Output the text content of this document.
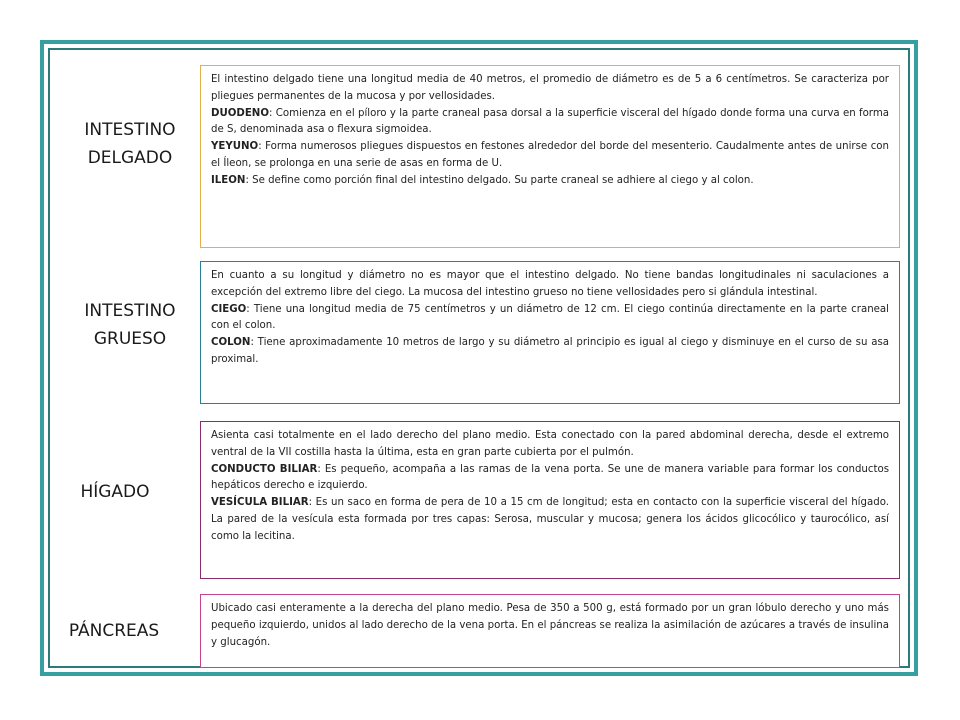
INTESTINO
DELGADO

El intestino delgado tiene una longitud media de 40 metros, el promedio de diámetro es de 5 a 6 centímetros. Se caracteriza por pliegues permanentes de la mucosa y por vellosidades.

DUODENO: Comienza en el píloro y la parte craneal pasa dorsal a la superficie visceral del hígado donde forma una curva en forma de S, denominada asa o flexura sigmoidea.

YEYUNO: Forma numerosos pliegues dispuestos en festones alrededor del borde del mesenterio. Caudalmente antes de unirse con el Íleon, se prolonga en una serie de asas en forma de U.

ILEON: Se define como porción final del intestino delgado. Su parte craneal se adhiere al ciego y al colon.

INTESTINO
GRUESO

En cuanto a su longitud y diámetro no es mayor que el intestino delgado. No tiene bandas longitudinales ni saculaciones a excepción del extremo libre del ciego. La mucosa del intestino grueso no tiene vellosidades pero si glándula intestinal.

CIEGO: Tiene una longitud media de 75 centímetros y un diámetro de 12 cm. El ciego continúa directamente en la parte craneal con el colon.

COLON: Tiene aproximadamente 10 metros de largo y su diámetro al principio es igual al ciego y disminuye en el curso de su asa proximal.

HÍGADO

Asienta casi totalmente en el lado derecho del plano medio. Esta conectado con la pared abdominal derecha, desde el extremo ventral de la VII costilla hasta la última, esta en gran parte cubierta por el pulmón.

CONDUCTO BILIAR: Es pequeño, acompaña a las ramas de la vena porta. Se une de manera variable para formar los conductos hepáticos derecho e izquierdo.

VESÍCULA BILIAR: Es un saco en forma de pera de 10 a 15 cm de longitud; esta en contacto con la superficie visceral del hígado. La pared de la vesícula esta formada por tres capas: Serosa, muscular y mucosa; genera los ácidos glicocólico y taurocólico, así como la lecitina.

PÁNCREAS

Ubicado casi enteramente a la derecha del plano medio. Pesa de 350 a 500 g, está formado por un gran lóbulo derecho y uno más pequeño izquierdo, unidos al lado derecho de la vena porta. En el páncreas se realiza la asimilación de azúcares a través de insulina y glucagón.
